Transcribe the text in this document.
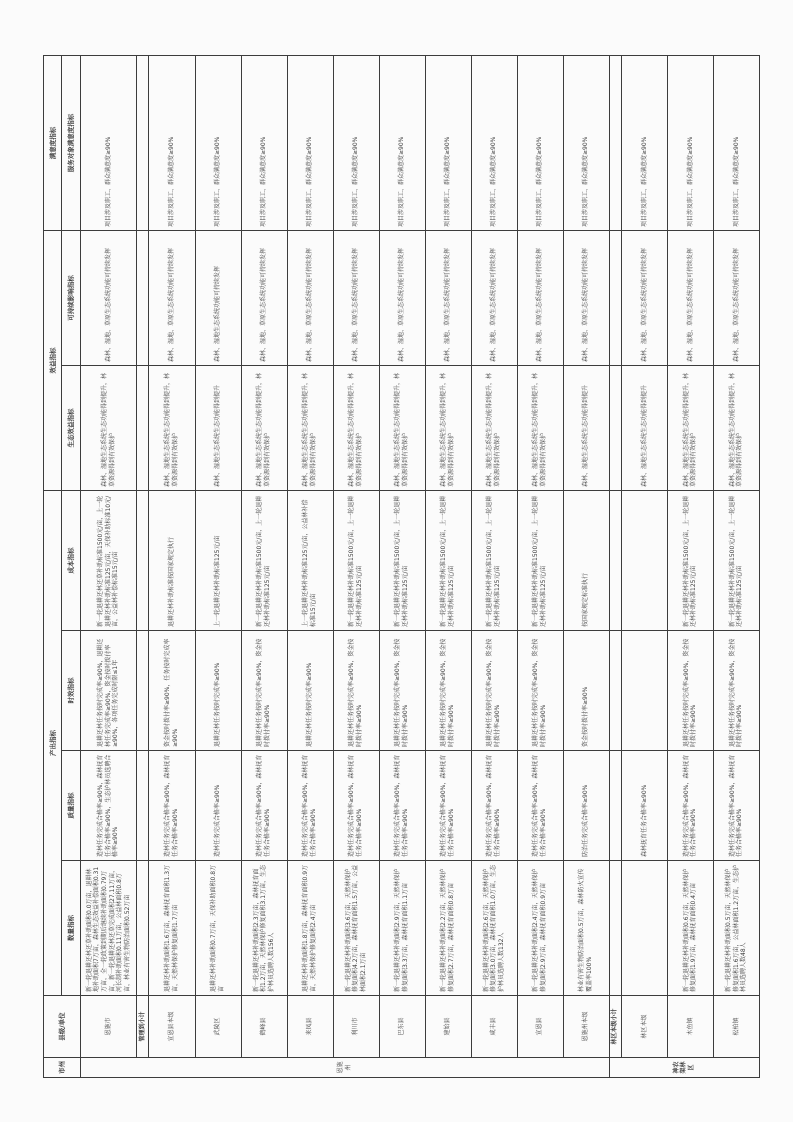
市州	县级/单位	产出指标				效益指标		满意度指标
		数量指标	质量指标	时效指标	成本指标	生态效益指标	可持续影响指标	服务对象满意度指标
恩施州	恩施市	新一轮退耕还林还草补助面积0.0万亩，退耕林地补助面积7万亩，森林生态效益补偿面积0.31万亩，全一轮政策到期后继续补助面积0.79万亩，新一轮退耕还林还草完成面积27.11万亩，河长制补助面积0.11万亩，公益林面积0.8万亩，林业有害生物防治面积0.52万亩	造林任务完成合格率≥90%，森林抚育任务合格率≥90%，生态护林员选聘合格率≥90%	退耕还林任务按时完成率≥90%，退耕还林任务完成率≥90%，资金按时拨付率≥90%，各项任务完成时限≤1年	新一轮退耕还林还草补助标准1500元/亩，上一轮退耕还林补助标准125元/亩，天保补助标准10元/亩，公益林补偿标准15元/亩	森林、湿地生态系统生态功能得到提升，林草资源得到有效保护	森林、湿地、草原生态系统功能可持续发挥	项目涉及职工、群众满意度≥90%
	管理到小计							
	宣恩县本级	退耕还林补助面积1.6万亩，森林抚育面积1.3万亩，天然林保护修复面积1.7万亩	造林任务完成合格率≥90%，森林抚育任务合格率≥90%	资金按时拨付率≥90%，任务按时完成率≥90%	退耕还林补助标准按国家规定执行	森林、湿地生态系统生态功能得到提升，林草资源得到有效保护	森林、湿地、草原生态系统功能可持续发挥	项目涉及职工、群众满意度≥90%
	武陵区	退耕还林补助面积0.7万亩，天保补助面积0.8万亩	造林任务完成合格率≥90%	退耕还林任务按时完成率≥90%	上一轮退耕还林补助标准125元/亩	森林、湿地生态系统生态功能得到提升	森林、湿地生态系统功能可持续发挥	项目涉及职工、群众满意度≥90%
	鹤峰县	新一轮退耕还林补助面积2.3万亩，森林抚育面积1.2万亩，天然林保护修复面积3.1万亩，生态护林员选聘人数156人	造林任务完成合格率≥90%，森林抚育任务合格率≥90%	退耕还林任务按时完成率≥90%，资金按时拨付率≥90%	新一轮退耕还林补助标准1500元/亩，上一轮退耕还林补助标准125元/亩	森林、湿地生态系统生态功能得到提升，林草资源得到有效保护	森林、湿地、草原生态系统功能可持续发挥	项目涉及职工、群众满意度≥90%
	来凤县	退耕还林补助面积1.8万亩，森林抚育面积0.9万亩，天然林保护修复面积2.4万亩	造林任务完成合格率≥90%，森林抚育任务合格率≥90%	退耕还林任务按时完成率≥90%	上一轮退耕还林补助标准125元/亩，公益林补偿标准15元/亩	森林、湿地生态系统生态功能得到提升，林草资源得到有效保护	森林、湿地、草原生态系统功能可持续发挥	项目涉及职工、群众满意度≥90%
	利川市	新一轮退耕还林补助面积3.6万亩，天然林保护修复面积4.2万亩，森林抚育面积1.5万亩，公益林面积2.1万亩	造林任务完成合格率≥90%，森林抚育任务合格率≥90%	退耕还林任务按时完成率≥90%，资金按时拨付率≥90%	新一轮退耕还林补助标准1500元/亩，上一轮退耕还林补助标准125元/亩	森林、湿地生态系统生态功能得到提升，林草资源得到有效保护	森林、湿地、草原生态系统功能可持续发挥	项目涉及职工、群众满意度≥90%
	巴东县	新一轮退耕还林补助面积2.9万亩，天然林保护修复面积3.3万亩，森林抚育面积1.1万亩	造林任务完成合格率≥90%，森林抚育任务合格率≥90%	退耕还林任务按时完成率≥90%，资金按时拨付率≥90%	新一轮退耕还林补助标准1500元/亩，上一轮退耕还林补助标准125元/亩	森林、湿地生态系统生态功能得到提升，林草资源得到有效保护	森林、湿地、草原生态系统功能可持续发挥	项目涉及职工、群众满意度≥90%
	建始县	新一轮退耕还林补助面积2.2万亩，天然林保护修复面积2.7万亩，森林抚育面积0.8万亩	造林任务完成合格率≥90%，森林抚育任务合格率≥90%	退耕还林任务按时完成率≥90%，资金按时拨付率≥90%	新一轮退耕还林补助标准1500元/亩，上一轮退耕还林补助标准125元/亩	森林、湿地生态系统生态功能得到提升，林草资源得到有效保护	森林、湿地、草原生态系统功能可持续发挥	项目涉及职工、群众满意度≥90%
	咸丰县	新一轮退耕还林补助面积2.6万亩，天然林保护修复面积3.0万亩，森林抚育面积1.0万亩，生态护林员选聘人数132人	造林任务完成合格率≥90%，森林抚育任务合格率≥90%	退耕还林任务按时完成率≥90%，资金按时拨付率≥90%	新一轮退耕还林补助标准1500元/亩，上一轮退耕还林补助标准125元/亩	森林、湿地生态系统生态功能得到提升，林草资源得到有效保护	森林、湿地、草原生态系统功能可持续发挥	项目涉及职工、群众满意度≥90%
	宣恩县	新一轮退耕还林补助面积2.4万亩，天然林保护修复面积2.9万亩，森林抚育面积0.9万亩	造林任务完成合格率≥90%，森林抚育任务合格率≥90%	退耕还林任务按时完成率≥90%，资金按时拨付率≥90%	新一轮退耕还林补助标准1500元/亩，上一轮退耕还林补助标准125元/亩	森林、湿地生态系统生态功能得到提升，林草资源得到有效保护	森林、湿地、草原生态系统功能可持续发挥	项目涉及职工、群众满意度≥90%
	恩施州本级	林业有害生物防治面积0.5万亩，森林防火宣传覆盖率100%	防治任务完成合格率≥90%	资金按时拨付率≥90%	按国家规定标准执行	森林、湿地生态系统生态功能得到提升	森林、湿地、草原生态系统功能可持续发挥	项目涉及职工、群众满意度≥90%
神农架林区	林区本级小计							
	林区本级		森林抚育任务合格率≥90%			森林、湿地生态系统生态功能得到提升	森林、湿地、草原生态系统功能可持续发挥	项目涉及职工、群众满意度≥90%
	木鱼镇	新一轮退耕还林补助面积0.6万亩，天然林保护修复面积1.9万亩，森林抚育面积0.4万亩	造林任务完成合格率≥90%，森林抚育任务合格率≥90%	退耕还林任务按时完成率≥90%，资金按时拨付率≥90%	新一轮退耕还林补助标准1500元/亩，上一轮退耕还林补助标准125元/亩	森林、湿地生态系统生态功能得到提升，林草资源得到有效保护	森林、湿地、草原生态系统功能可持续发挥	项目涉及职工、群众满意度≥90%
	松柏镇	新一轮退耕还林补助面积0.5万亩，天然林保护修复面积1.6万亩，公益林面积1.2万亩，生态护林员选聘人数48人	造林任务完成合格率≥90%，森林抚育任务合格率≥90%	退耕还林任务按时完成率≥90%，资金按时拨付率≥90%	新一轮退耕还林补助标准1500元/亩，上一轮退耕还林补助标准125元/亩	森林、湿地生态系统生态功能得到提升，林草资源得到有效保护	森林、湿地、草原生态系统功能可持续发挥	项目涉及职工、群众满意度≥90%
